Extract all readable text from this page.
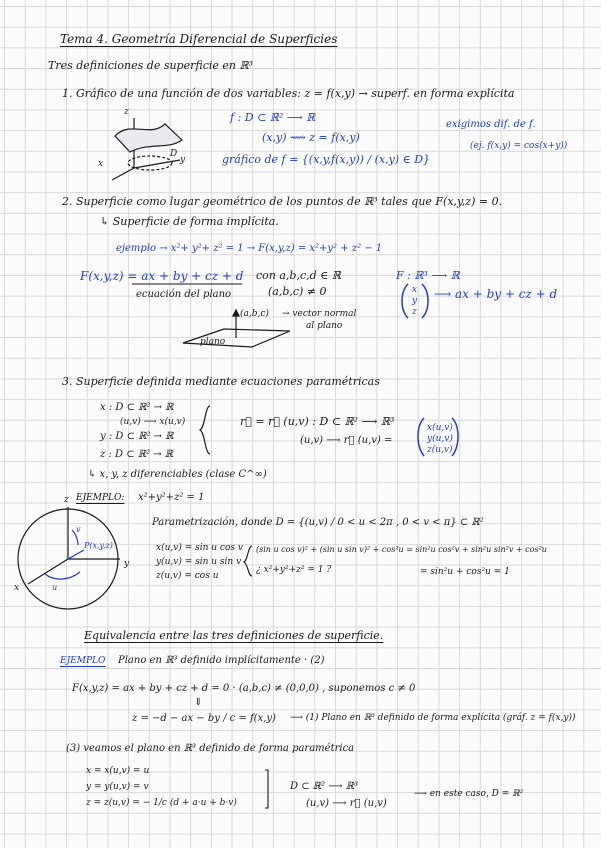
Tema 4. Geometría Diferencial de Superficies
Tres definiciones de superficie en ℝ³
1. Gráfico de una función de dos variables: z = f(x,y) → superf. en forma explícita
z
x	y
D
f : D ⊂ ℝ² ⟶ ℝ
(x,y) ⟿ z = f(x,y)
gráfico de f = {(x,y,f(x,y)) / (x,y) ∈ D}
exigimos dif. de f.
(ej. f(x,y) = cos(x+y))
2. Superficie como lugar geométrico de los puntos de ℝ³ tales que F(x,y,z) = 0.
↳ Superficie de forma implícita.
ejemplo → x²+ y²+ z² = 1 → F(x,y,z) = x²+y² + z² − 1
F(x,y,z) = ax + by + cz + d con a,b,c,d ∈ ℝ
(a,b,c) ≠ 0
F : ℝ³ ⟶ ℝ
x
y
z
⟶ ax + by + cz + d
ecuación del plano
(a,b,c) → vector normal
al plano
plano
3. Superficie definida mediante ecuaciones paramétricas
x : D ⊂ ℝ² → ℝ
(u,v) ⟶ x(u,v)
y : D ⊂ ℝ² → ℝ
z : D ⊂ ℝ² → ℝ
r⃗ = r⃗ (u,v) : D ⊂ ℝ² ⟶ ℝ³
(u,v) ⟶ r⃗ (u,v) =
x(u,v)
y(u,v)
z(u,v)
↳ x, y, z diferenciables (clase C^∞)
EJEMPLO: x²+y²+z² = 1
Parametrización, donde D = {(u,v) / 0 < u < 2π , 0 < v < π} ⊂ ℝ²
x(u,v) = sin u cos v
y(u,v) = sin u sin v
z(u,v) = cos u
(sin u cos v)² + (sin u sin v)² + cos²u = sin²u cos²v + sin²u sin²v + cos²u
¿ x²+y²+z² = 1 ?	= sin²u + cos²u = 1
z
x
y
P(x,y,z)
u
v
Equivalencia entre las tres definiciones de superficie.
EJEMPLO Plano en ℝ³ definido implícitamente · (2)
F(x,y,z) = ax + by + cz + d = 0 · (a,b,c) ≠ (0,0,0) , suponemos c ≠ 0
⇓
z = −d − ax − by / c = f(x,y) ⟶ (1) Plano en ℝ³ definido de forma explícita (gráf. z = f(x,y))
(3) veamos el plano en ℝ³ definido de forma paramétrica
x = x(u,v) = u
y = y(u,v) = v
z = z(u,v) = − 1/c (d + a·u + b·v)
D ⊂ ℝ² ⟶ ℝ³
(u,v) ⟶ r⃗ (u,v)
⟶ en este caso, D = ℝ²
